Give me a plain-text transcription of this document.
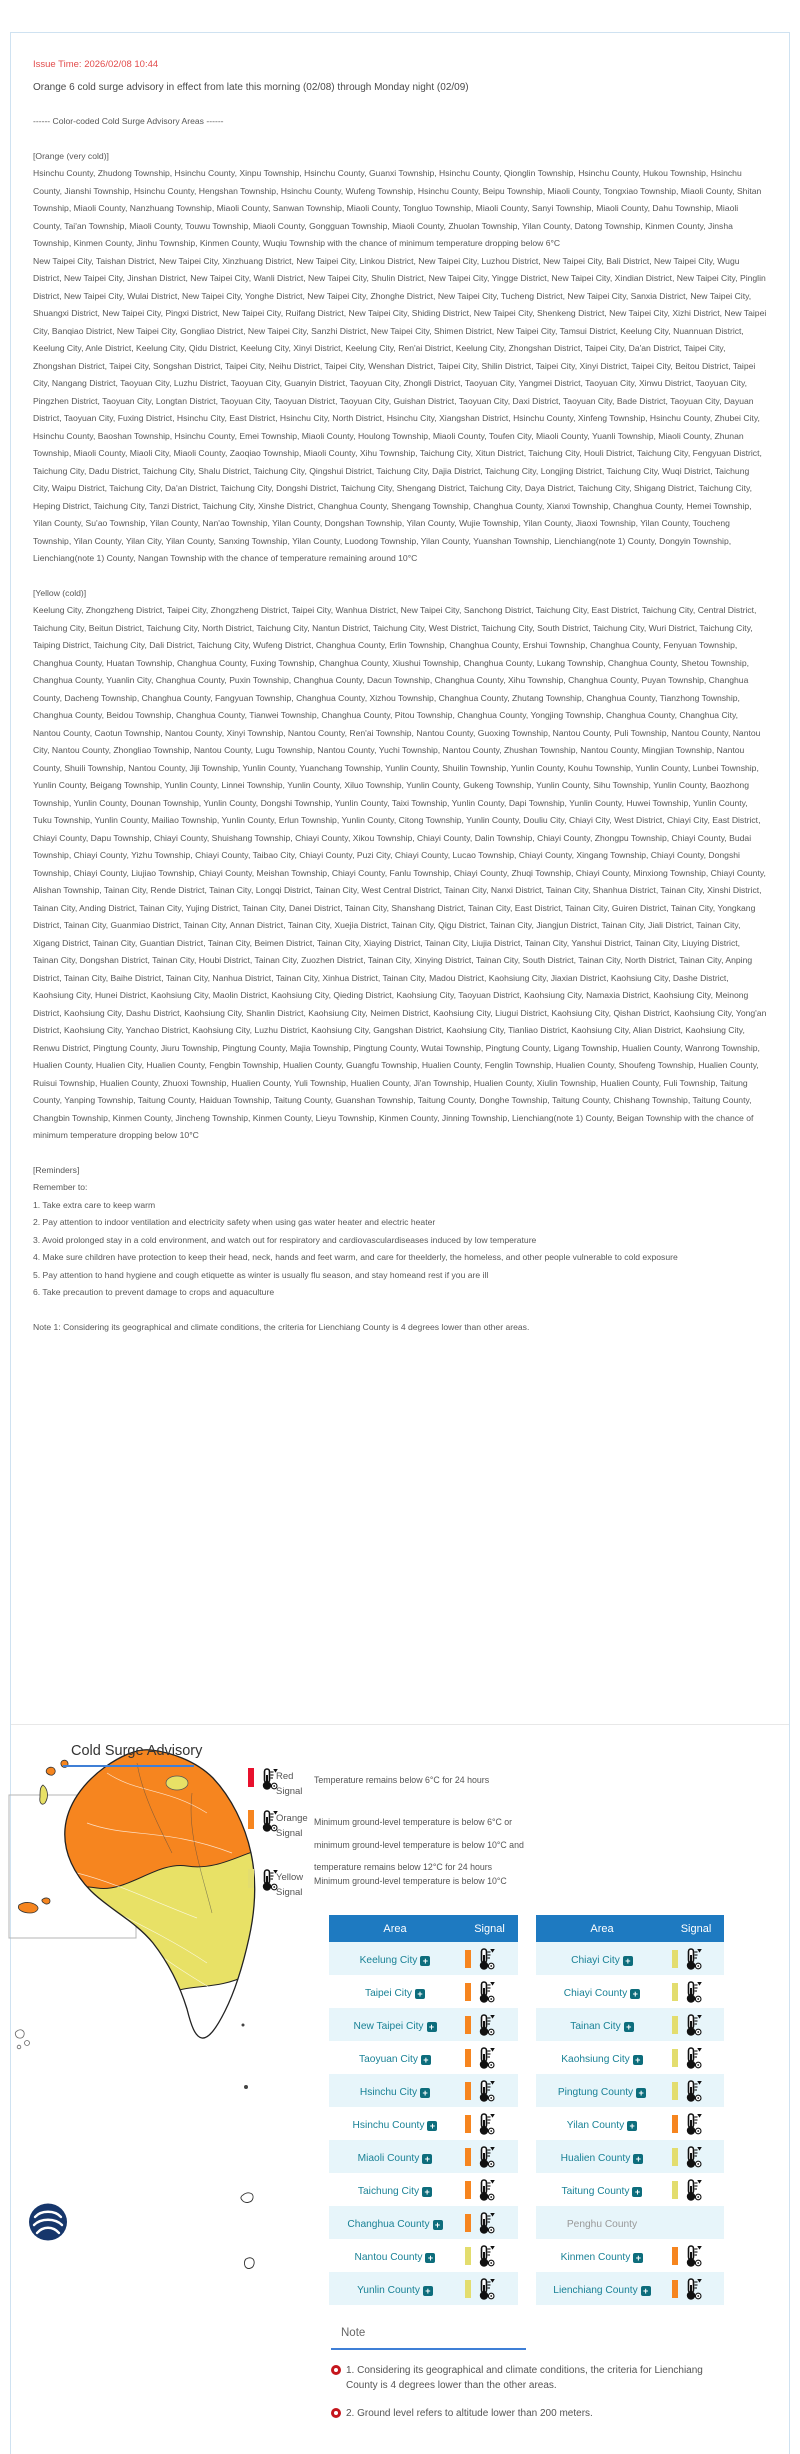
Issue Time: 2026/02/08 10:44
Orange 6 cold surge advisory in effect from late this morning (02/08) through Monday night (02/09)

------ Color-coded Cold Surge Advisory Areas ------

[Orange (very cold)]

Hsinchu County, Zhudong Township, Hsinchu County, Xinpu Township, Hsinchu County, Guanxi Township, Hsinchu County, Qionglin Township, Hsinchu County, Hukou Township, Hsinchu County, Jianshi Township, Hsinchu County, Hengshan Township, Hsinchu County, Wufeng Township, Hsinchu County, Beipu Township, Miaoli County, Tongxiao Township, Miaoli County, Shitan Township, Miaoli County, Nanzhuang Township, Miaoli County, Sanwan Township, Miaoli County, Tongluo Township, Miaoli County, Sanyi Township, Miaoli County, Dahu Township, Miaoli County, Tai'an Township, Miaoli County, Touwu Township, Miaoli County, Gongguan Township, Miaoli County, Zhuolan Township, Yilan County, Datong Township, Kinmen County, Jinsha Township, Kinmen County, Jinhu Township, Kinmen County, Wuqiu Township with the chance of minimum temperature dropping below 6°C

New Taipei City, Taishan District, New Taipei City, Xinzhuang District, New Taipei City, Linkou District, New Taipei City, Luzhou District, New Taipei City, Bali District, New Taipei City, Wugu District, New Taipei City, Jinshan District, New Taipei City, Wanli District, New Taipei City, Shulin District, New Taipei City, Yingge District, New Taipei City, Xindian District, New Taipei City, Pinglin District, New Taipei City, Wulai District, New Taipei City, Yonghe District, New Taipei City, Zhonghe District, New Taipei City, Tucheng District, New Taipei City, Sanxia District, New Taipei City, Shuangxi District, New Taipei City, Pingxi District, New Taipei City, Ruifang District, New Taipei City, Shiding District, New Taipei City, Shenkeng District, New Taipei City, Xizhi District, New Taipei City, Banqiao District, New Taipei City, Gongliao District, New Taipei City, Sanzhi District, New Taipei City, Shimen District, New Taipei City, Tamsui District, Keelung City, Nuannuan District, Keelung City, Anle District, Keelung City, Qidu District, Keelung City, Xinyi District, Keelung City, Ren'ai District, Keelung City, Zhongshan District, Taipei City, Da'an District, Taipei City, Zhongshan District, Taipei City, Songshan District, Taipei City, Neihu District, Taipei City, Wenshan District, Taipei City, Shilin District, Taipei City, Xinyi District, Taipei City, Beitou District, Taipei City, Nangang District, Taoyuan City, Luzhu District, Taoyuan City, Guanyin District, Taoyuan City, Zhongli District, Taoyuan City, Yangmei District, Taoyuan City, Xinwu District, Taoyuan City, Pingzhen District, Taoyuan City, Longtan District, Taoyuan City, Taoyuan District, Taoyuan City, Guishan District, Taoyuan City, Daxi District, Taoyuan City, Bade District, Taoyuan City, Dayuan District, Taoyuan City, Fuxing District, Hsinchu City, East District, Hsinchu City, North District, Hsinchu City, Xiangshan District, Hsinchu County, Xinfeng Township, Hsinchu County, Zhubei City, Hsinchu County, Baoshan Township, Hsinchu County, Emei Township, Miaoli County, Houlong Township, Miaoli County, Toufen City, Miaoli County, Yuanli Township, Miaoli County, Zhunan Township, Miaoli County, Miaoli City, Miaoli County, Zaoqiao Township, Miaoli County, Xihu Township, Taichung City, Xitun District, Taichung City, Houli District, Taichung City, Fengyuan District, Taichung City, Dadu District, Taichung City, Shalu District, Taichung City, Qingshui District, Taichung City, Dajia District, Taichung City, Longjing District, Taichung City, Wuqi District, Taichung City, Waipu District, Taichung City, Da'an District, Taichung City, Dongshi District, Taichung City, Shengang District, Taichung City, Daya District, Taichung City, Shigang District, Taichung City, Heping District, Taichung City, Tanzi District, Taichung City, Xinshe District, Changhua County, Shengang Township, Changhua County, Xianxi Township, Changhua County, Hemei Township, Yilan County, Su'ao Township, Yilan County, Nan'ao Township, Yilan County, Dongshan Township, Yilan County, Wujie Township, Yilan County, Jiaoxi Township, Yilan County, Toucheng Township, Yilan County, Yilan City, Yilan County, Sanxing Township, Yilan County, Luodong Township, Yilan County, Yuanshan Township, Lienchiang(note 1) County, Dongyin Township, Lienchiang(note 1) County, Nangan Township with the chance of temperature remaining around 10°C

[Yellow (cold)]

Keelung City, Zhongzheng District, Taipei City, Zhongzheng District, Taipei City, Wanhua District, New Taipei City, Sanchong District, Taichung City, East District, Taichung City, Central District, Taichung City, Beitun District, Taichung City, North District, Taichung City, Nantun District, Taichung City, West District, Taichung City, South District, Taichung City, Wuri District, Taichung City, Taiping District, Taichung City, Dali District, Taichung City, Wufeng District, Changhua County, Erlin Township, Changhua County, Ershui Township, Changhua County, Fenyuan Township, Changhua County, Huatan Township, Changhua County, Fuxing Township, Changhua County, Xiushui Township, Changhua County, Lukang Township, Changhua County, Shetou Township, Changhua County, Yuanlin City, Changhua County, Puxin Township, Changhua County, Dacun Township, Changhua County, Xihu Township, Changhua County, Puyan Township, Changhua County, Dacheng Township, Changhua County, Fangyuan Township, Changhua County, Xizhou Township, Changhua County, Zhutang Township, Changhua County, Tianzhong Township, Changhua County, Beidou Township, Changhua County, Tianwei Township, Changhua County, Pitou Township, Changhua County, Yongjing Township, Changhua County, Changhua City, Nantou County, Caotun Township, Nantou County, Xinyi Township, Nantou County, Ren'ai Township, Nantou County, Guoxing Township, Nantou County, Puli Township, Nantou County, Nantou City, Nantou County, Zhongliao Township, Nantou County, Lugu Township, Nantou County, Yuchi Township, Nantou County, Zhushan Township, Nantou County, Mingjian Township, Nantou County, Shuili Township, Nantou County, Jiji Township, Yunlin County, Yuanchang Township, Yunlin County, Shuilin Township, Yunlin County, Kouhu Township, Yunlin County, Lunbei Township, Yunlin County, Beigang Township, Yunlin County, Linnei Township, Yunlin County, Xiluo Township, Yunlin County, Gukeng Township, Yunlin County, Sihu Township, Yunlin County, Baozhong Township, Yunlin County, Dounan Township, Yunlin County, Dongshi Township, Yunlin County, Taixi Township, Yunlin County, Dapi Township, Yunlin County, Huwei Township, Yunlin County, Tuku Township, Yunlin County, Mailiao Township, Yunlin County, Erlun Township, Yunlin County, Citong Township, Yunlin County, Douliu City, Chiayi City, West District, Chiayi City, East District, Chiayi County, Dapu Township, Chiayi County, Shuishang Township, Chiayi County, Xikou Township, Chiayi County, Dalin Township, Chiayi County, Zhongpu Township, Chiayi County, Budai Township, Chiayi County, Yizhu Township, Chiayi County, Taibao City, Chiayi County, Puzi City, Chiayi County, Lucao Township, Chiayi County, Xingang Township, Chiayi County, Dongshi Township, Chiayi County, Liujiao Township, Chiayi County, Meishan Township, Chiayi County, Fanlu Township, Chiayi County, Zhuqi Township, Chiayi County, Minxiong Township, Chiayi County, Alishan Township, Tainan City, Rende District, Tainan City, Longqi District, Tainan City, West Central District, Tainan City, Nanxi District, Tainan City, Shanhua District, Tainan City, Xinshi District, Tainan City, Anding District, Tainan City, Yujing District, Tainan City, Danei District, Tainan City, Shanshang District, Tainan City, East District, Tainan City, Guiren District, Tainan City, Yongkang District, Tainan City, Guanmiao District, Tainan City, Annan District, Tainan City, Xuejia District, Tainan City, Qigu District, Tainan City, Jiangjun District, Tainan City, Jiali District, Tainan City, Xigang District, Tainan City, Guantian District, Tainan City, Beimen District, Tainan City, Xiaying District, Tainan City, Liujia District, Tainan City, Yanshui District, Tainan City, Liuying District, Tainan City, Dongshan District, Tainan City, Houbi District, Tainan City, Zuozhen District, Tainan City, Xinying District, Tainan City, South District, Tainan City, North District, Tainan City, Anping District, Tainan City, Baihe District, Tainan City, Nanhua District, Tainan City, Xinhua District, Tainan City, Madou District, Kaohsiung City, Jiaxian District, Kaohsiung City, Dashe District, Kaohsiung City, Hunei District, Kaohsiung City, Maolin District, Kaohsiung City, Qieding District, Kaohsiung City, Taoyuan District, Kaohsiung City, Namaxia District, Kaohsiung City, Meinong District, Kaohsiung City, Dashu District, Kaohsiung City, Shanlin District, Kaohsiung City, Neimen District, Kaohsiung City, Liugui District, Kaohsiung City, Qishan District, Kaohsiung City, Yong'an District, Kaohsiung City, Yanchao District, Kaohsiung City, Luzhu District, Kaohsiung City, Gangshan District, Kaohsiung City, Tianliao District, Kaohsiung City, Alian District, Kaohsiung City, Renwu District, Pingtung County, Jiuru Township, Pingtung County, Majia Township, Pingtung County, Wutai Township, Pingtung County, Ligang Township, Hualien County, Wanrong Township, Hualien County, Hualien City, Hualien County, Fengbin Township, Hualien County, Guangfu Township, Hualien County, Fenglin Township, Hualien County, Shoufeng Township, Hualien County, Ruisui Township, Hualien County, Zhuoxi Township, Hualien County, Yuli Township, Hualien County, Ji'an Township, Hualien County, Xiulin Township, Hualien County, Fuli Township, Taitung County, Yanping Township, Taitung County, Haiduan Township, Taitung County, Guanshan Township, Taitung County, Donghe Township, Taitung County, Chishang Township, Taitung County, Changbin Township, Kinmen County, Jincheng Township, Kinmen County, Lieyu Township, Kinmen County, Jinning Township, Lienchiang(note 1) County, Beigan Township with the chance of minimum temperature dropping below 10°C

[Reminders]

Remember to:

1. Take extra care to keep warm

2. Pay attention to indoor ventilation and electricity safety when using gas water heater and electric heater

3. Avoid prolonged stay in a cold environment, and watch out for respiratory and cardiovasculardiseases induced by low temperature

4. Make sure children have protection to keep their head, neck, hands and feet warm, and care for theelderly, the homeless, and other people vulnerable to cold exposure

5. Pay attention to hand hygiene and cough etiquette as winter is usually flu season, and stay homeand rest if you are ill

6. Take precaution to prevent damage to crops and aquaculture

Note 1: Considering its geographical and climate conditions, the criteria for Lienchiang County is 4 degrees lower than other areas.

Cold Surge Advisory
Red
Signal
Temperature remains below 6°C for 24 hours
Orange
Signal
Minimum ground-level temperature is below 6°C or minimum ground-level temperature is below 10°C and temperature remains below 12°C for 24 hours
Yellow
Signal
Minimum ground-level temperature is below 10°C
Area	Signal
Keelung City +
Taipei City +
New Taipei City +
Taoyuan City +
Hsinchu City +
Hsinchu County +
Miaoli County +
Taichung City +
Changhua County +
Nantou County +
Yunlin County +
Area	Signal
Chiayi City +
Chiayi County +
Tainan City +
Kaohsiung City +
Pingtung County +
Yilan County +
Hualien County +
Taitung County +
Penghu County
Kinmen County +
Lienchiang County +
Note
1. Considering its geographical and climate conditions, the criteria for Lienchiang County is 4 degrees lower than the other areas.
2. Ground level refers to altitude lower than 200 meters.
